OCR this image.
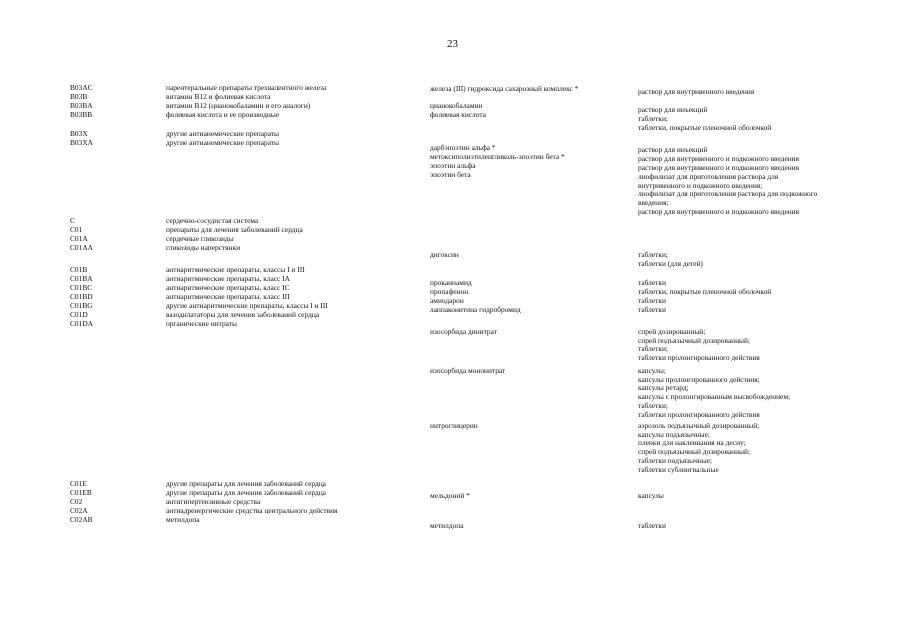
23
B03AC	парентеральные препараты трехвалентного железа	железа (III) гидроксида сахарозный комплекс *	раствор для внутривенного введения
B03B	витамин B12 и фолиевая кислота
B03BA	витамин B12 (цианокобаламин и его аналоги)	цианокобаламин	раствор для инъекций
B03BB	фолиевая кислота и ее производные	фолиевая кислота	таблетки;
таблетки, покрытые пленочной оболочкой
B03X	другие антианемические препараты
B03XA	другие антианемические препараты
дарбэпоэтин альфа *	раствор для инъекций
метоксиполиэтиленгликоль-эпоэтин бета *	раствор для внутривенного и подкожного введения
эпоэтин альфа	раствор для внутривенного и подкожного введения
эпоэтин бета	лиофилизат для приготовления раствора для
внутривенного и подкожного введения;
лиофилизат для приготовления раствора для подкожного
введения;
раствор для внутривенного и подкожного введения
C	сердечно-сосудистая система
C01	препараты для лечения заболеваний сердца
C01A	сердечные гликозиды
C01AA	гликозиды наперстянки
дигоксин	таблетки;
таблетки (для детей)
C01B	антиаритмические препараты, классы I и III
C01BA	антиаритмические препараты, класс IA	прокаинамид	таблетки
C01BC	антиаритмические препараты, класс IC	пропафенон	таблетки, покрытые пленочной оболочкой
C01BD	антиаритмические препараты, класс III	амиодарон	таблетки
C01BG	другие антиаритмические препараты, классы I и III	лаппаконитина гидробромид	таблетки
C01D	вазодилататоры для лечения заболеваний сердца
C01DA	органические нитраты
изосорбида динитрат	спрей дозированный;
спрей подъязычный дозированный;
таблетки;
таблетки пролонгированного действия
изосорбида мононитрат	капсулы;
капсулы пролонгированного действия;
капсулы ретард;
капсулы с пролонгированным высвобождением;
таблетки;
таблетки пролонгированного действия
нитроглицерин	аэрозоль подъязычный дозированный;
капсулы подъязычные;
пленки для наклеивания на десну;
спрей подъязычный дозированный;
таблетки подъязычные;
таблетки сублингвальные
C01E	другие препараты для лечения заболеваний сердца
C01EB	другие препараты для лечения заболеваний сердца	мельдоний *	капсулы
C02	антигипертензивные средства
C02A	антиадренергические средства центрального действия
C02AB	метилдопа
метилдопа	таблетки
